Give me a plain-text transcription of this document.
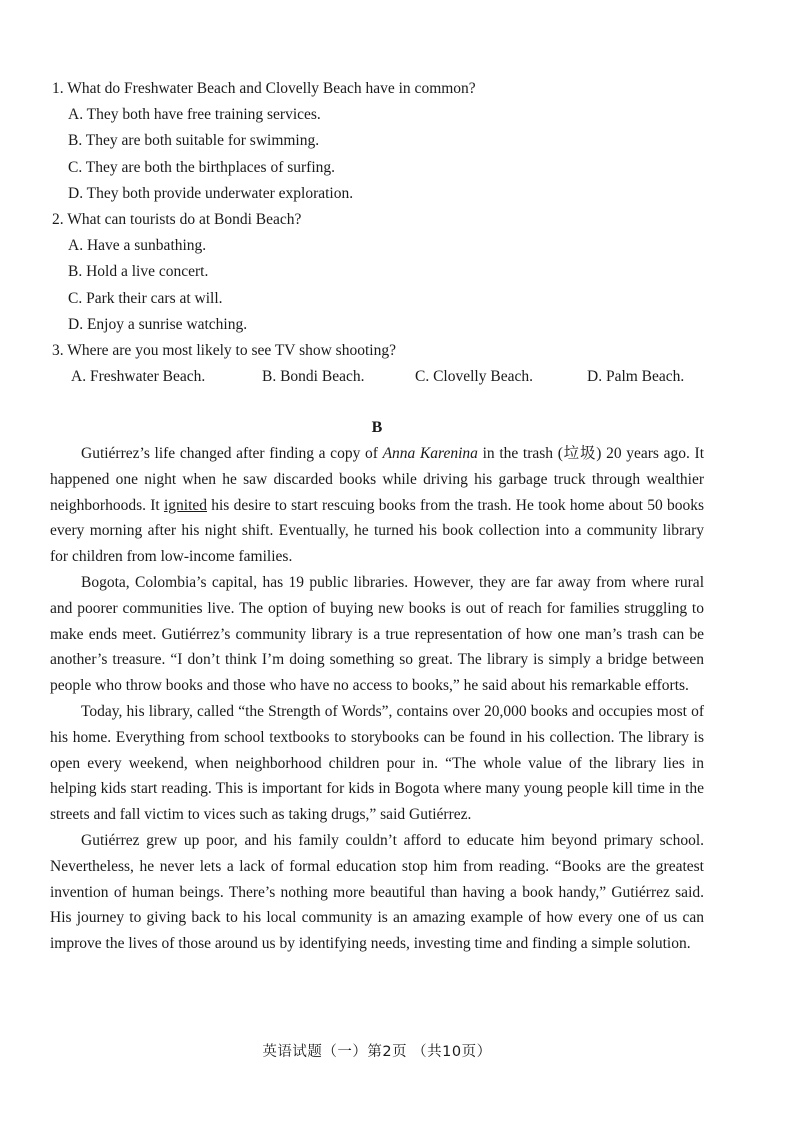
1. What do Freshwater Beach and Clovelly Beach have in common?
A. They both have free training services.
B. They are both suitable for swimming.
C. They are both the birthplaces of surfing.
D. They both provide underwater exploration.
2. What can tourists do at Bondi Beach?
A. Have a sunbathing.
B. Hold a live concert.
C. Park their cars at will.
D. Enjoy a sunrise watching.
3. Where are you most likely to see TV show shooting?
A. Freshwater Beach.	B. Bondi Beach.	C. Clovelly Beach.	D. Palm Beach.
B

Gutiérrez’s life changed after finding a copy of Anna Karenina in the trash (垃圾) 20 years ago. It happened one night when he saw discarded books while driving his garbage truck through wealthier neighborhoods. It ignited his desire to start rescuing books from the trash. He took home about 50 books every morning after his night shift. Eventually, he turned his book collection into a community library for children from low-income families.

Bogota, Colombia’s capital, has 19 public libraries. However, they are far away from where rural and poorer communities live. The option of buying new books is out of reach for families struggling to make ends meet. Gutiérrez’s community library is a true representation of how one man’s trash can be another’s treasure. “I don’t think I’m doing something so great. The library is simply a bridge between people who throw books and those who have no access to books,” he said about his remarkable efforts.

Today, his library, called “the Strength of Words”, contains over 20,000 books and occupies most of his home. Everything from school textbooks to storybooks can be found in his collection. The library is open every weekend, when neighborhood children pour in. “The whole value of the library lies in helping kids start reading. This is important for kids in Bogota where many young people kill time in the streets and fall victim to vices such as taking drugs,” said Gutiérrez.

Gutiérrez grew up poor, and his family couldn’t afford to educate him beyond primary school. Nevertheless, he never lets a lack of formal education stop him from reading. “Books are the greatest invention of human beings. There’s nothing more beautiful than having a book handy,” Gutiérrez said. His journey to giving back to his local community is an amazing example of how every one of us can improve the lives of those around us by identifying needs, investing time and finding a simple solution.

英语试题（一）第2页 （共10页）
